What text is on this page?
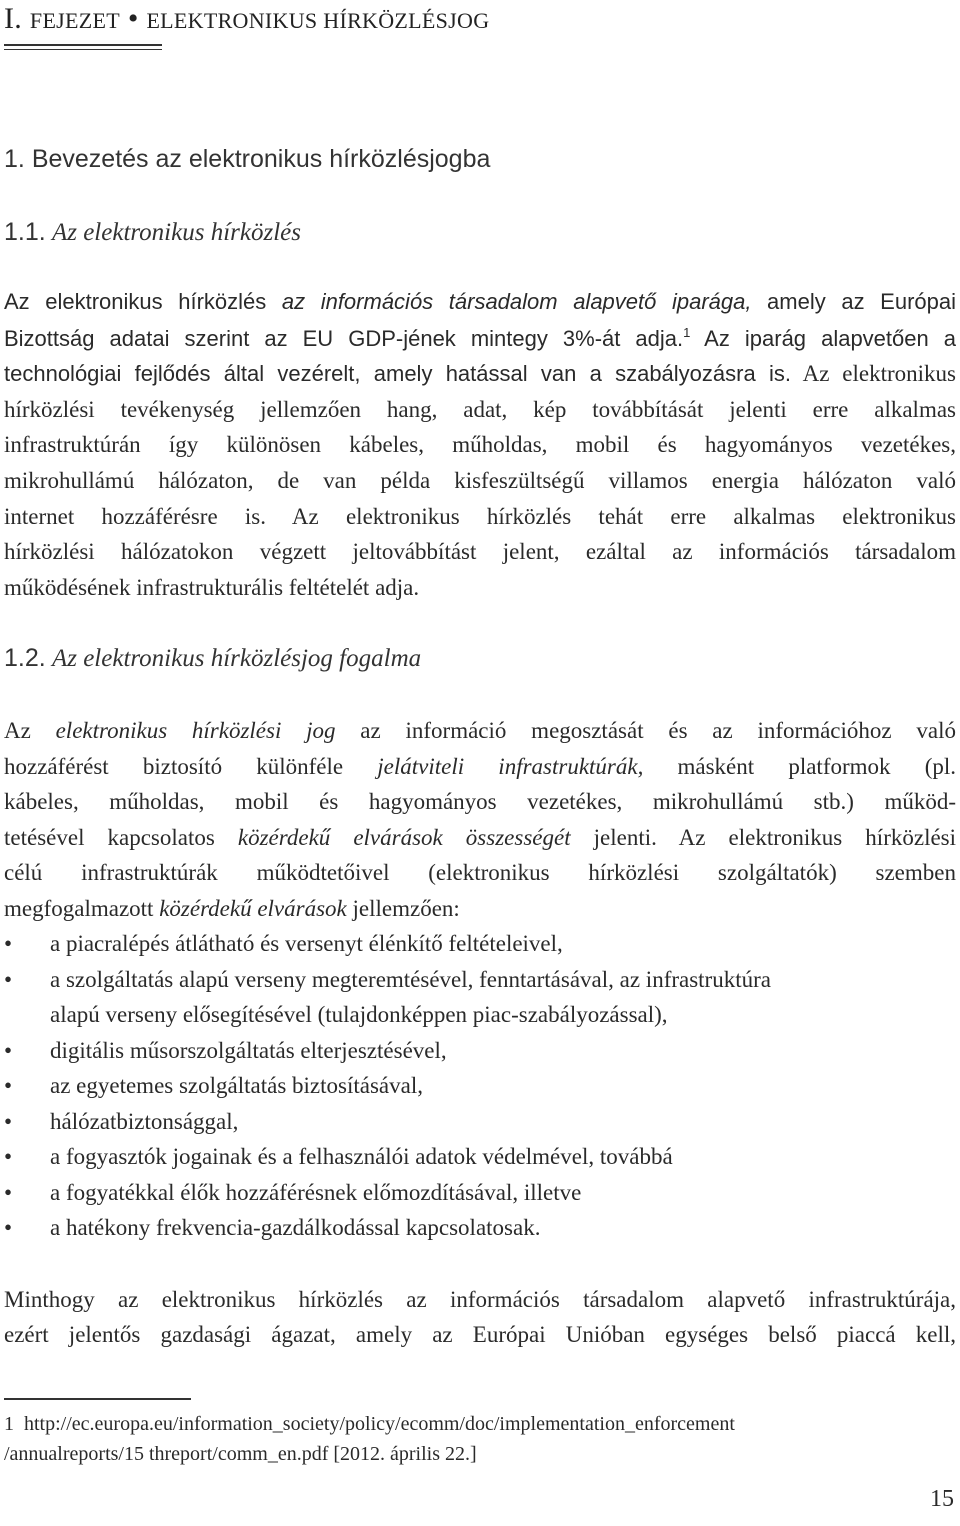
I. FEJEZET • ELEKTRONIKUS HÍRKÖZLÉSJOG
1. Bevezetés az elektronikus hírközlésjogba
1.1. Az elektronikus hírközlés
Az elektronikus hírközlés az információs társadalom alapvető iparága, amely az Európai
Bizottság adatai szerint az EU GDP-jének mintegy 3%-át adja.$^1$ Az iparág alapvetően a
technológiai fejlődés által vezérelt, amely hatással van a szabályozásra is. Az elektronikus
hírközlési tevékenység jellemzően hang, adat, kép továbbítását jelenti erre alkalmas
infrastruktúrán így különösen kábeles, műholdas, mobil és hagyományos vezetékes,
mikrohullámú hálózaton, de van példa kisfeszültségű villamos energia hálózaton való
internet hozzáférésre is. Az elektronikus hírközlés tehát erre alkalmas elektronikus
hírközlési hálózatokon végzett jeltovábbítást jelent, ezáltal az információs társadalom
működésének infrastrukturális feltételét adja.
1.2. Az elektronikus hírközlésjog fogalma
Az elektronikus hírközlési jog az információ megosztását és az információhoz való
hozzáférést biztosító különféle jelátviteli infrastruktúrák, másként platformok (pl.
kábeles, műholdas, mobil és hagyományos vezetékes, mikrohullámú stb.) működ-
tetésével kapcsolatos közérdekű elvárások összességét jelenti. Az elektronikus hírközlési
célú infrastruktúrák működtetőivel (elektronikus hírközlési szolgáltatók) szemben
megfogalmazott közérdekű elvárások jellemzően:
• a piacralépés átlátható és versenyt élénkítő feltételeivel,
• a szolgáltatás alapú verseny megteremtésével, fenntartásával, az infrastruktúra
alapú verseny elősegítésével (tulajdonképpen piac-szabályozással),
• digitális műsorszolgáltatás elterjesztésével,
• az egyetemes szolgáltatás biztosításával,
• hálózatbiztonsággal,
• a fogyasztók jogainak és a felhasználói adatok védelmével, továbbá
• a fogyatékkal élők hozzáférésnek előmozdításával, illetve
• a hatékony frekvencia-gazdálkodással kapcsolatosak.
Minthogy az elektronikus hírközlés az információs társadalom alapvető infrastruktúrája,
ezért jelentős gazdasági ágazat, amely az Európai Unióban egységes belső piaccá kell,
1 http://ec.europa.eu/information_society/policy/ecomm/doc/implementation_enforcement
/annualreports/15 threport/comm_en.pdf [2012. április 22.]
15
